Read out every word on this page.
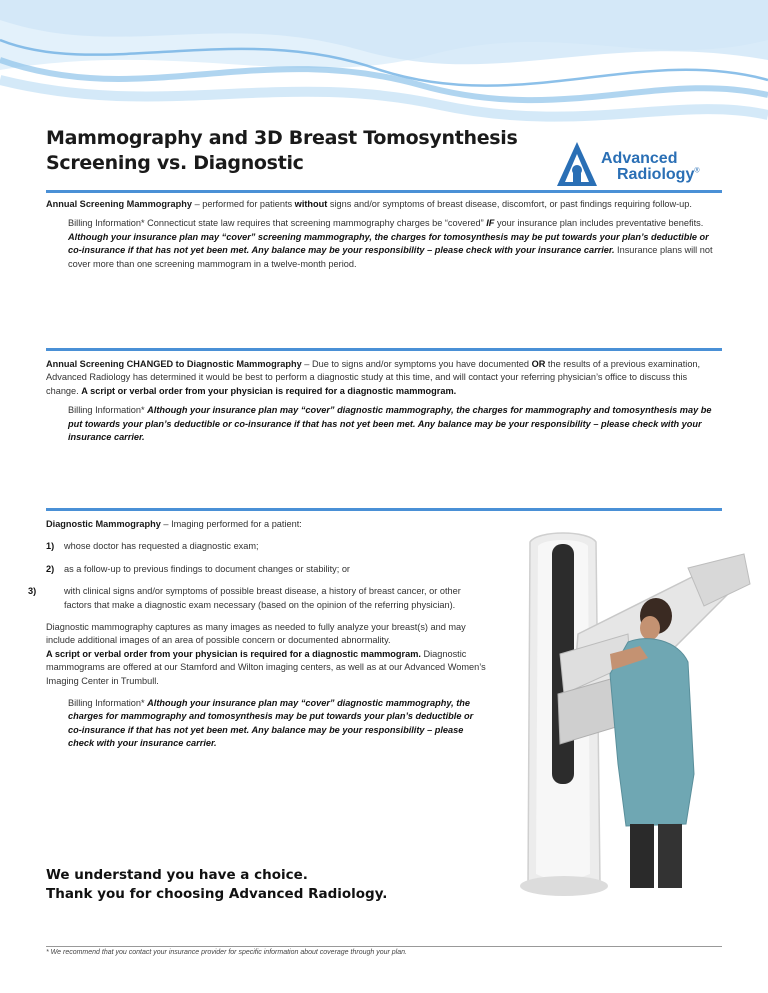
Mammography and 3D Breast Tomosynthesis
Screening vs. Diagnostic	Advanced
Radiology®

Annual Screening Mammography – performed for patients without signs and/or symptoms of breast disease, discomfort, or past findings requiring follow-up.

Billing Information* Connecticut state law requires that screening mammography charges be “covered” IF your insurance plan includes preventative benefits. Although your insurance plan may “cover” screening mammography, the charges for tomosynthesis may be put towards your plan’s deductible or co-insurance if that has not yet been met. Any balance may be your responsibility – please check with your insurance carrier. Insurance plans will not cover more than one screening mammogram in a twelve-month period.

Annual Screening CHANGED to Diagnostic Mammography – Due to signs and/or symptoms you have documented OR the results of a previous examination, Advanced Radiology has determined it would be best to perform a diagnostic study at this time, and will contact your referring physician’s office to discuss this change. A script or verbal order from your physician is required for a diagnostic mammogram.

Billing Information* Although your insurance plan may “cover” diagnostic mammography, the charges for mammography and tomosynthesis may be put towards your plan’s deductible or co-insurance if that has not yet been met. Any balance may be your responsibility – please check with your insurance carrier.

Diagnostic Mammography – Imaging performed for a patient:

1) whose doctor has requested a diagnostic exam;

2) as a follow-up to previous findings to document changes or stability; or

3)	with clinical signs and/or symptoms of possible breast disease, a history of breast cancer, or other factors that make a diagnostic exam necessary (based on the opinion of the referring physician).

Diagnostic mammography captures as many images as needed to fully analyze your breast(s) and may include additional images of an area of possible concern or documented abnormality.
A script or verbal order from your physician is required for a diagnostic mammogram. Diagnostic mammograms are offered at our Stamford and Wilton imaging centers, as well as at our Advanced Women’s Imaging Center in Trumbull.

Billing Information* Although your insurance plan may “cover” diagnostic mammography, the charges for mammography and tomosynthesis may be put towards your plan’s deductible or co-insurance if that has not yet been met. Any balance may be your responsibility – please check with your insurance carrier.

We understand you have a choice.
Thank you for choosing Advanced Radiology.
* We recommend that you contact your insurance provider for specific information about coverage through your plan.
